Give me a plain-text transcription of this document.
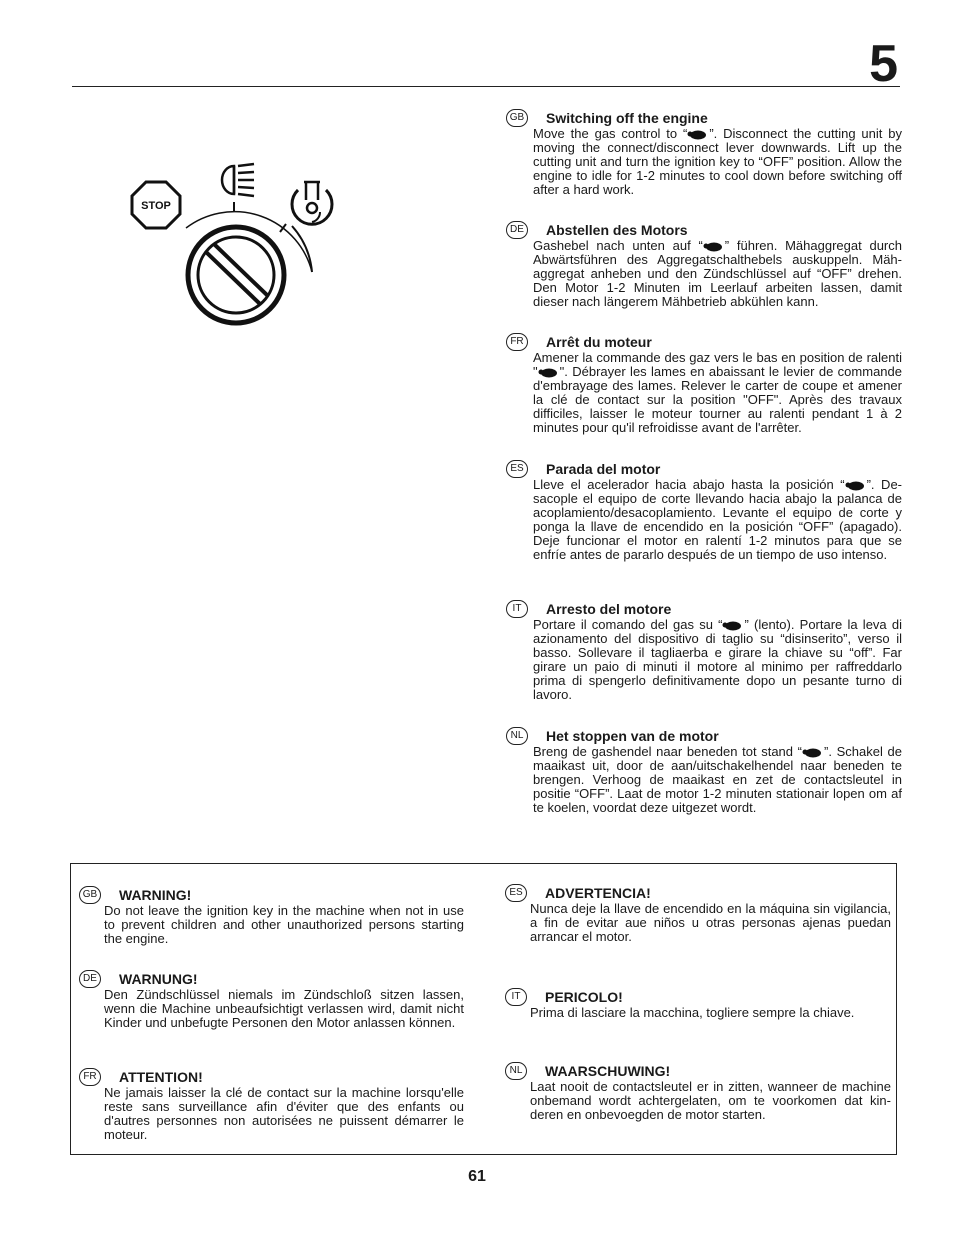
5
STOP
GB Switching off the engine

Move the gas control to “ ”. Disconnect the cutting unit by moving the connect/disconnect lever downwards. Lift up the cutting unit and turn the ignition key to “OFF” position. Allow the engine to idle for 1-2 minutes to cool down before switching off after a hard work.

DE Abstellen des Motors

Gashebel nach unten auf “ ” führen. Mähaggregat durch Abwärtsführen des Aggregatschalthebels auskuppeln. Mäh-aggregat anheben und den Zündschlüssel auf “OFF” drehen. Den Motor 1-2 Minuten im Leerlauf arbeiten lassen, damit dieser nach längerem Mähbetrieb abkühlen kann.

FR	Arrêt du moteur

Amener la commande des gaz vers le bas en position de ralenti " ". Débrayer les lames en abaissant le levier de commande d'embrayage des lames. Relever le carter de coupe et amener la clé de contact sur la position "OFF". Après des travaux difficiles, laisser le moteur tourner au ralenti pendant 1 à 2 minutes pour qu'il refroidisse avant de l'arrêter.

ES	Parada del motor

Lleve el acelerador hacia abajo hasta la posición “ ”. De-sacople el equipo de corte llevando hacia abajo la palanca de acoplamiento/desacoplamiento. Levante el equipo de corte y ponga la llave de encendido en la posición “OFF” (apagado). Deje funcionar el motor en ralentí 1-2 minutos para que se enfríe antes de pararlo después de un tiempo de uso intenso.

IT	Arresto del motore

Portare il comando del gas su “ ” (lento). Portare la leva di azionamento del dispositivo di taglio su “disinserito”, verso il basso. Sollevare il tagliaerba e girare la chiave su “off”. Far girare un paio di minuti il motore al minimo per raffreddarlo prima di spengerlo definitivamente dopo un pesante turno di lavoro.

NL	Het stoppen van de motor

Breng de gashendel naar beneden tot stand “ ”. Schakel de maaikast uit, door de aan/uitschakelhendel naar beneden te brengen. Verhoog de maaikast en zet de contactsleutel in positie “OFF”. Laat de motor 1-2 minuten stationair lopen om af te koelen, voordat deze uitgezet wordt.

GB WARNING!

Do not leave the ignition key in the machine when not in use to prevent children and other unauthorized persons starting the engine.

DE WARNUNG!

Den Zündschlüssel niemals im Zündschloß sitzen lassen, wenn die Machine unbeaufsichtigt verlassen wird, damit nicht Kinder und unbefugte Personen den Motor anlassen können.

FR	ATTENTION!

Ne jamais laisser la clé de contact sur la machine lorsqu'elle reste sans surveillance afin d'éviter que des enfants ou d'autres personnes non autorisées ne puissent démarrer le moteur.

ES	ADVERTENCIA!

Nunca deje la llave de encendido en la máquina sin vigilancia, a fin de evitar aue niños u otras personas ajenas puedan arrancar el motor.

IT	PERICOLO!

Prima di lasciare la macchina, togliere sempre la chiave.

NL	WAARSCHUWING!

Laat nooit de contactsleutel er in zitten, wanneer de machine onbemand wordt achtergelaten, om te voorkomen dat kin-deren en onbevoegden de motor starten.

61
